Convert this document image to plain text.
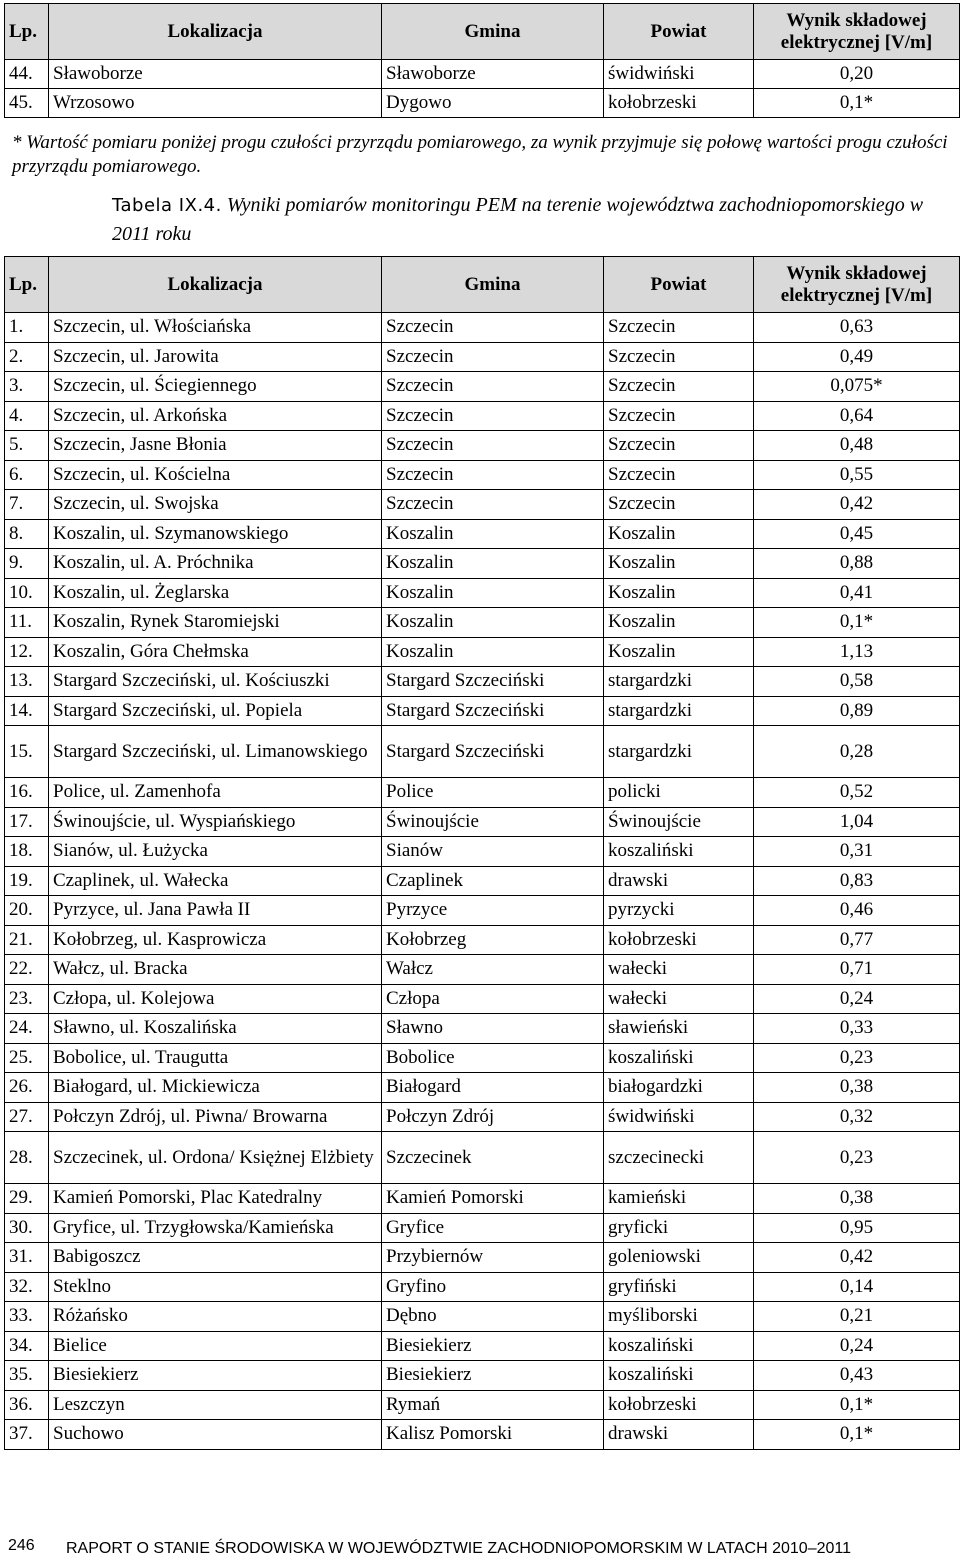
Lp.	Lokalizacja	Gmina	Powiat	Wynik składowej
elektrycznej [V/m]
44.	Sławoborze	Sławoborze	świdwiński	0,20
45.	Wrzosowo	Dygowo	kołobrzeski	0,1*
* Wartość pomiaru poniżej progu czułości przyrządu pomiarowego, za wynik przyjmuje się połowę wartości progu czułości przyrządu pomiarowego.
Tabela IX.4. Wyniki pomiarów monitoringu PEM na terenie województwa zachodniopomorskiego w 2011 roku
Lp.	Lokalizacja	Gmina	Powiat	Wynik składowej
elektrycznej [V/m]
1.	Szczecin, ul. Włościańska	Szczecin	Szczecin	0,63
2.	Szczecin, ul. Jarowita	Szczecin	Szczecin	0,49
3.	Szczecin, ul. Ściegiennego	Szczecin	Szczecin	0,075*
4.	Szczecin, ul. Arkońska	Szczecin	Szczecin	0,64
5.	Szczecin, Jasne Błonia	Szczecin	Szczecin	0,48
6.	Szczecin, ul. Kościelna	Szczecin	Szczecin	0,55
7.	Szczecin, ul. Swojska	Szczecin	Szczecin	0,42
8.	Koszalin, ul. Szymanowskiego	Koszalin	Koszalin	0,45
9.	Koszalin, ul. A. Próchnika	Koszalin	Koszalin	0,88
10.	Koszalin, ul. Żeglarska	Koszalin	Koszalin	0,41
11.	Koszalin, Rynek Staromiejski	Koszalin	Koszalin	0,1*
12.	Koszalin, Góra Chełmska	Koszalin	Koszalin	1,13
13.	Stargard Szczeciński, ul. Kościuszki	Stargard Szczeciński	stargardzki	0,58
14.	Stargard Szczeciński, ul. Popiela	Stargard Szczeciński	stargardzki	0,89
15.	Stargard Szczeciński, ul. Limanowskiego	Stargard Szczeciński	stargardzki	0,28
16.	Police, ul. Zamenhofa	Police	policki	0,52
17.	Świnoujście, ul. Wyspiańskiego	Świnoujście	Świnoujście	1,04
18.	Sianów, ul. Łużycka	Sianów	koszaliński	0,31
19.	Czaplinek, ul. Wałecka	Czaplinek	drawski	0,83
20.	Pyrzyce, ul. Jana Pawła II	Pyrzyce	pyrzycki	0,46
21.	Kołobrzeg, ul. Kasprowicza	Kołobrzeg	kołobrzeski	0,77
22.	Wałcz, ul. Bracka	Wałcz	wałecki	0,71
23.	Człopa, ul. Kolejowa	Człopa	wałecki	0,24
24.	Sławno, ul. Koszalińska	Sławno	sławieński	0,33
25.	Bobolice, ul. Traugutta	Bobolice	koszaliński	0,23
26.	Białogard, ul. Mickiewicza	Białogard	białogardzki	0,38
27.	Połczyn Zdrój, ul. Piwna/ Browarna	Połczyn Zdrój	świdwiński	0,32
28.	Szczecinek, ul. Ordona/ Księżnej Elżbiety	Szczecinek	szczecinecki	0,23
29.	Kamień Pomorski, Plac Katedralny	Kamień Pomorski	kamieński	0,38
30.	Gryfice, ul. Trzygłowska/Kamieńska	Gryfice	gryficki	0,95
31.	Babigoszcz	Przybiernów	goleniowski	0,42
32.	Steklno	Gryfino	gryfiński	0,14
33.	Różańsko	Dębno	myśliborski	0,21
34.	Bielice	Biesiekierz	koszaliński	0,24
35.	Biesiekierz	Biesiekierz	koszaliński	0,43
36.	Leszczyn	Rymań	kołobrzeski	0,1*
37.	Suchowo	Kalisz Pomorski	drawski	0,1*
246 RAPORT O STANIE ŚRODOWISKA W WOJEWÓDZTWIE ZACHODNIOPOMORSKIM W LATACH 2010–2011
